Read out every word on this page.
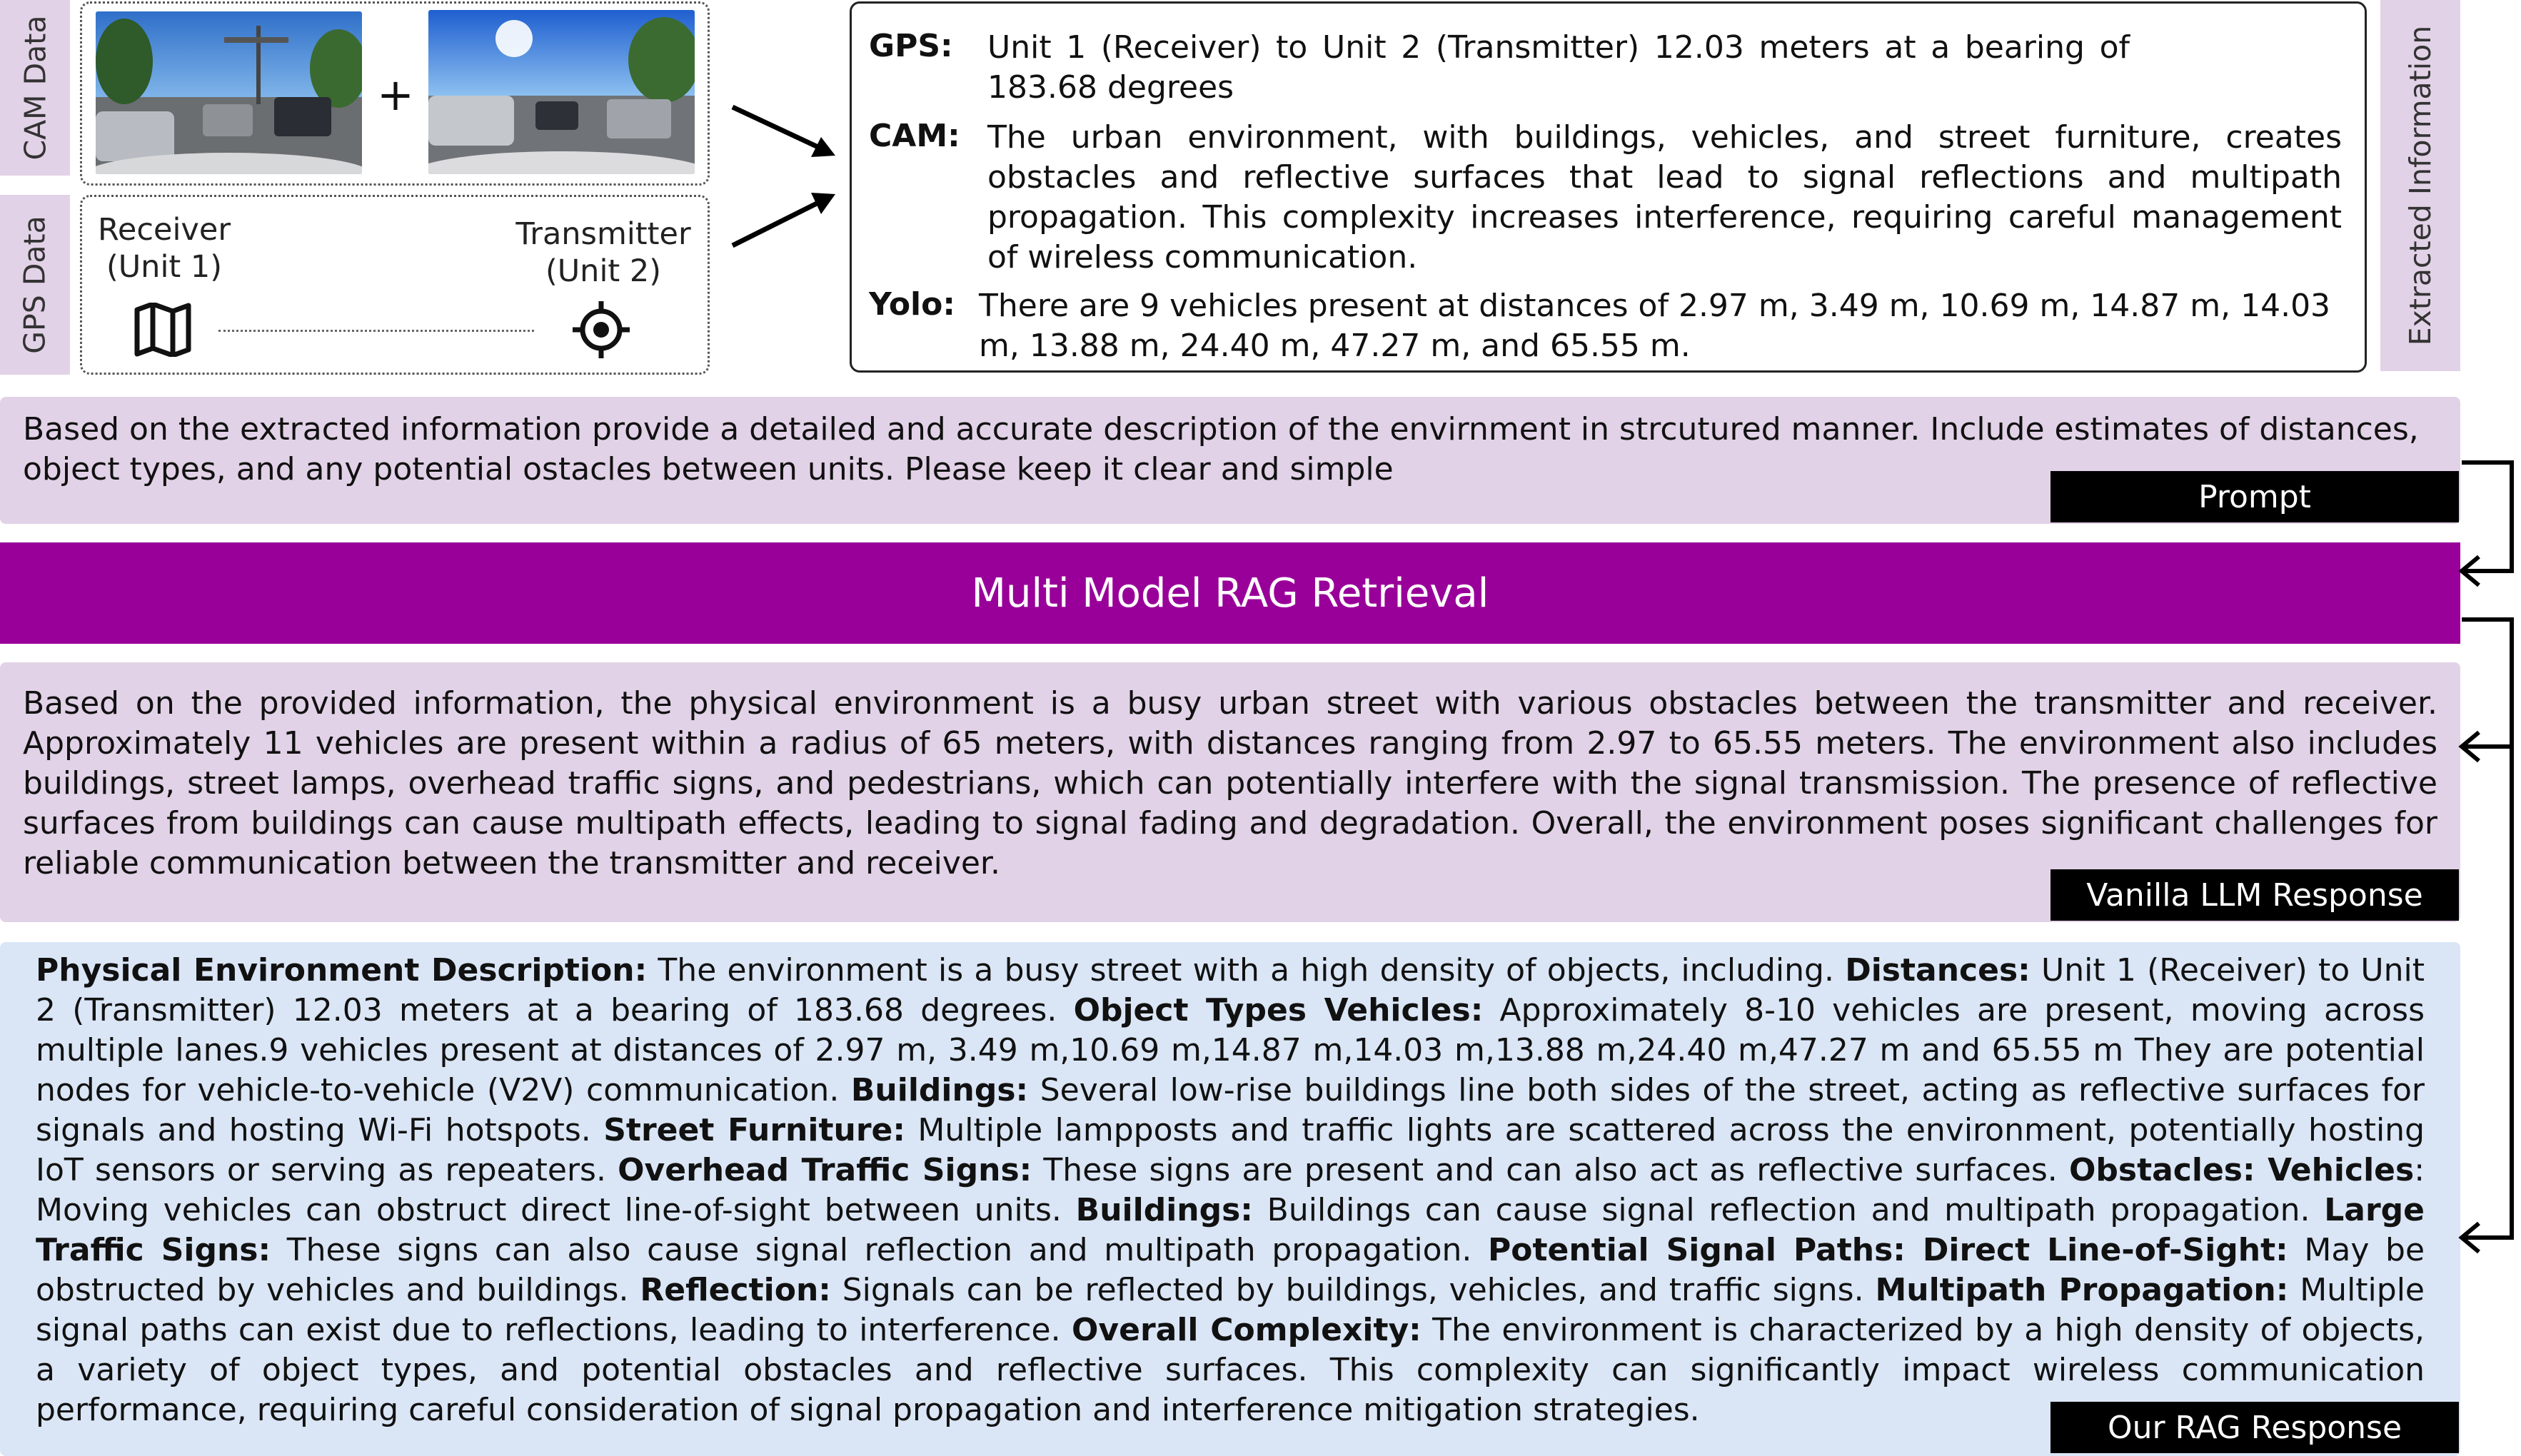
CAM Data
GPS Data
+
Receiver
(Unit 1)
Transmitter
(Unit 2)
GPS: Unit 1 (Receiver) to Unit 2 (Transmitter) 12.03 meters at a bearing of 183.68 degrees
CAM: The urban environment, with buildings, vehicles, and street furniture, creates obstacles and reflective surfaces that lead to signal reflections and multipath propagation. This complexity increases interference, requiring careful management of wireless communication.
Yolo: There are 9 vehicles present at distances of 2.97 m, 3.49 m, 10.69 m, 14.87 m, 14.03 m, 13.88 m, 24.40 m, 47.27 m, and 65.55 m.
Extracted Information
Based on the extracted information provide a detailed and accurate description of the envirnment in strcutured manner. Include estimates of distances, object types, and any potential ostacles between units. Please keep it clear and simple
Prompt
Multi Model RAG Retrieval
Based on the provided information, the physical environment is a busy urban street with various obstacles between the transmitter and receiver. Approximately 11 vehicles are present within a radius of 65 meters, with distances ranging from 2.97 to 65.55 meters. The environment also includes buildings, street lamps, overhead traffic signs, and pedestrians, which can potentially interfere with the signal transmission. The presence of reflective surfaces from buildings can cause multipath effects, leading to signal fading and degradation. Overall, the environment poses significant challenges for reliable communication between the transmitter and receiver.
Vanilla LLM Response
Physical Environment Description: The environment is a busy street with a high density of objects, including. Distances: Unit 1 (Receiver) to Unit 2 (Transmitter) 12.03 meters at a bearing of 183.68 degrees. Object Types Vehicles: Approximately 8-10 vehicles are present, moving across multiple lanes.9 vehicles present at distances of 2.97 m, 3.49 m,10.69 m,14.87 m,14.03 m,13.88 m,24.40 m,47.27 m and 65.55 m They are potential nodes for vehicle-to-vehicle (V2V) communication. Buildings: Several low-rise buildings line both sides of the street, acting as reflective surfaces for signals and hosting Wi-Fi hotspots. Street Furniture: Multiple lampposts and traffic lights are scattered across the environment, potentially hosting IoT sensors or serving as repeaters. Overhead Traffic Signs: These signs are present and can also act as reflective surfaces. Obstacles: Vehicles: Moving vehicles can obstruct direct line-of-sight between units. Buildings: Buildings can cause signal reflection and multipath propagation. Large Traffic Signs: These signs can also cause signal reflection and multipath propagation. Potential Signal Paths: Direct Line-of-Sight: May be obstructed by vehicles and buildings. Reflection: Signals can be reflected by buildings, vehicles, and traffic signs. Multipath Propagation: Multiple signal paths can exist due to reflections, leading to interference. Overall Complexity: The environment is characterized by a high density of objects, a variety of object types, and potential obstacles and reflective surfaces. This complexity can significantly impact wireless communication performance, requiring careful consideration of signal propagation and interference mitigation strategies.	Our RAG Response
